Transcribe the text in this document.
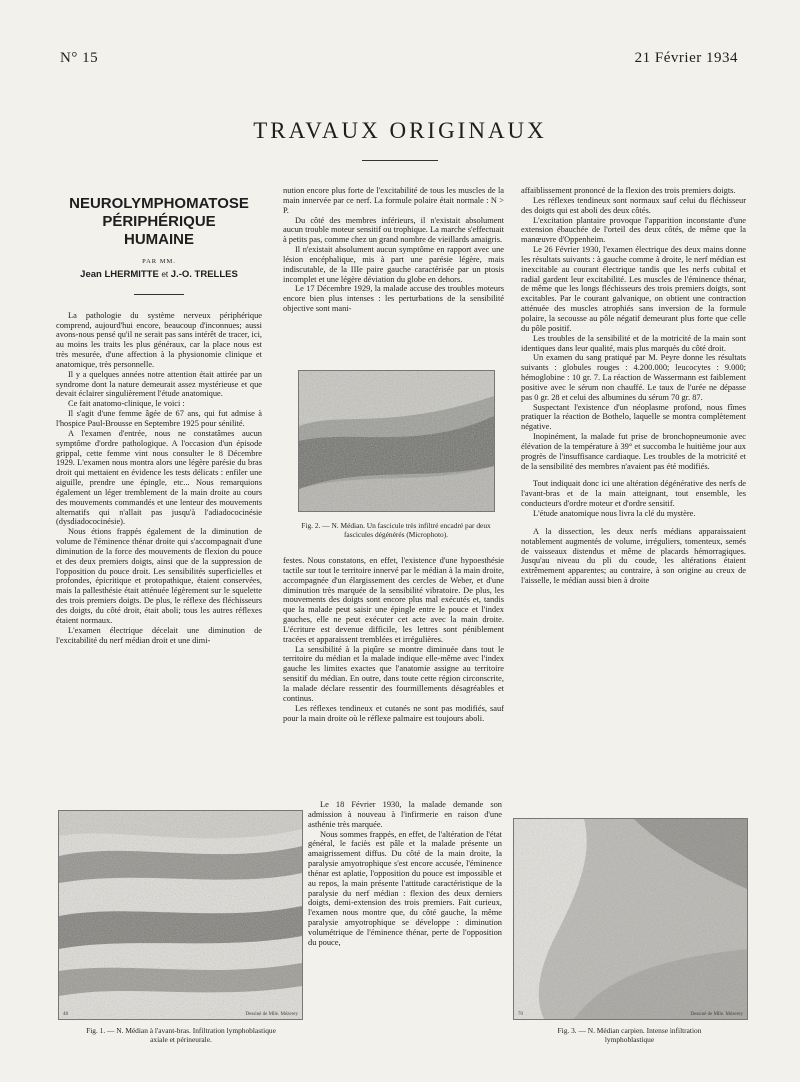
N° 15	21 Février 1934
TRAVAUX ORIGINAUX
NEUROLYMPHOMATOSE
PÉRIPHÉRIQUE
HUMAINE
PAR MM.
Jean LHERMITTE et J.-O. TRELLES

La pathologie du système nerveux périphérique comprend, aujourd'hui encore, beaucoup d'inconnues; aussi avons-nous pensé qu'il ne serait pas sans intérêt de tracer, ici, au moins les traits les plus généraux, car la place nous est très mesurée, d'une affection à la physionomie clinique et anatomique, très personnelle.

Il y a quelques années notre attention était attirée par un syndrome dont la nature demeurait assez mystérieuse et que devait éclairer singulièrement l'étude anatomique.

Ce fait anatomo-clinique, le voici :

Il s'agit d'une femme âgée de 67 ans, qui fut admise à l'hospice Paul-Brousse en Septembre 1925 pour sénilité.

A l'examen d'entrée, nous ne constatâmes aucun symptôme d'ordre pathologique. A l'occasion d'un épisode grippal, cette femme vint nous consulter le 8 Décembre 1929. L'examen nous montra alors une légère parésie du bras droit qui mettaient en évidence les tests délicats : enfiler une aiguille, prendre une épingle, etc... Nous remarquions également un léger tremblement de la main droite au cours des mouvements commandés et une lenteur des mouvements alternatifs qui n'allait pas jusqu'à l'adiadococinésie (dysdiadococinésie).

Nous étions frappés également de la diminution de volume de l'éminence thénar droite qui s'accompagnait d'une diminution de la force des mouvements de flexion du pouce et des deux premiers doigts, ainsi que de la suppression de l'opposition du pouce droit. Les sensibilités superficielles et profondes, épicritique et protopathique, étaient conservées, mais la pallesthésie était atténuée légèrement sur le squelette des trois premiers doigts. De plus, le réflexe des fléchisseurs des doigts, du côté droit, était aboli; tous les autres réflexes étaient normaux.

L'examen électrique décelait une diminution de l'excitabilité du nerf médian droit et une dimi-

nution encore plus forte de l'excitabilité de tous les muscles de la main innervée par ce nerf. La formule polaire était normale : N > P.

Du côté des membres inférieurs, il n'existait absolument aucun trouble moteur sensitif ou trophique. La marche s'effectuait à petits pas, comme chez un grand nombre de vieillards amaigris.

Il n'existait absolument aucun symptôme en rapport avec une lésion encéphalique, mis à part une parésie légère, mais indiscutable, de la IIIe paire gauche caractérisée par un ptosis incomplet et une légère déviation du globe en dehors.

Le 17 Décembre 1929, la malade accuse des troubles moteurs encore bien plus intenses : les perturbations de la sensibilité objective sont mani-

Fig. 2. — N. Médian. Un fascicule très infiltré encadré par deux fascicules dégénérés (Microphoto).

festes. Nous constatons, en effet, l'existence d'une hypoesthésie tactile sur tout le territoire innervé par le médian à la main droite, accompagnée d'un élargissement des cercles de Weber, et d'une diminution très marquée de la sensibilité vibratoire. De plus, les mouvements des doigts sont encore plus mal exécutés et, tandis que la malade peut saisir une épingle entre le pouce et l'index gauches, elle ne peut exécuter cet acte avec la main droite. L'écriture est devenue difficile, les lettres sont péniblement tracées et apparaissent tremblées et irrégulières.

La sensibilité à la piqûre se montre diminuée dans tout le territoire du médian et la malade indique elle-même avec l'index gauche les limites exactes que l'anatomie assigne au territoire sensitif du médian. En outre, dans toute cette région circonscrite, la malade déclare ressentir des fourmillements désagréables et continus.

Les réflexes tendineux et cutanés ne sont pas modifiés, sauf pour la main droite où le réflexe palmaire est toujours aboli.

Le 18 Février 1930, la malade demande son admission à nouveau à l'infirmerie en raison d'une asthénie très marquée.

Nous sommes frappés, en effet, de l'altération de l'état général, le faciès est pâle et la malade présente un amaigrissement diffus. Du côté de la main droite, la paralysie amyotrophique s'est encore accusée, l'éminence thénar est aplatie, l'opposition du pouce est impossible et au repos, la main présente l'attitude caractéristique de la paralysie du nerf médian : flexion des deux derniers doigts, demi-extension des trois premiers. Fait curieux, l'examen nous montre que, du côté gauche, la même paralysie amyotrophique se développe : diminution volumétrique de l'éminence thénar, perte de l'opposition du pouce,

affaiblissement prononcé de la flexion des trois premiers doigts.

Les réflexes tendineux sont normaux sauf celui du fléchisseur des doigts qui est aboli des deux côtés.

L'excitation plantaire provoque l'apparition inconstante d'une extension ébauchée de l'orteil des deux côtés, de même que la manœuvre d'Oppenheim.

Le 26 Février 1930, l'examen électrique des deux mains donne les résultats suivants : à gauche comme à droite, le nerf médian est inexcitable au courant électrique tandis que les nerfs cubital et radial gardent leur excitabilité. Les muscles de l'éminence thénar, de même que les longs fléchisseurs des trois premiers doigts, sont excitables. Par le courant galvanique, on obtient une contraction atténuée des muscles atrophiés sans inversion de la formule polaire, la secousse au pôle négatif demeurant plus forte que celle du pôle positif.

Les troubles de la sensibilité et de la motricité de la main sont identiques dans leur qualité, mais plus marqués du côté droit.

Un examen du sang pratiqué par M. Peyre donne les résultats suivants : globules rouges : 4.200.000; leucocytes : 9.000; hémoglobine : 10 gr. 7. La réaction de Wassermann est faiblement positive avec le sérum non chauffé. Le taux de l'urée ne dépasse pas 0 gr. 28 et celui des albumines du sérum 70 gr. 87.

Suspectant l'existence d'un néoplasme profond, nous fîmes pratiquer la réaction de Bothelo, laquelle se montra complètement négative.

Inopinément, la malade fut prise de bronchopneumonie avec élévation de la température à 39° et succomba le huitième jour aux progrès de l'insuffisance cardiaque. Les troubles de la motricité et de la sensibilité des membres n'avaient pas été modifiés.

Tout indiquait donc ici une altération dégénérative des nerfs de l'avant-bras et de la main atteignant, tout ensemble, les conducteurs d'ordre moteur et d'ordre sensitif.

L'étude anatomique nous livra la clé du mystère.

A la dissection, les deux nerfs médians apparaissaient notablement augmentés de volume, irréguliers, tomenteux, semés de vaisseaux distendus et même de placards hémorragiques. Jusqu'au niveau du pli du coude, les altérations étaient extrêmement apparentes; au contraire, à son origine au creux de l'aisselle, le médian aussi bien à droite

48	Dessiné de Mlle. Mézerey
Fig. 1. — N. Médian à l'avant-bras. Infiltration lymphoblastique
axiale et périneurale.
70	Dessiné de Mlle. Mézerey
Fig. 3. — N. Médian carpien. Intense infiltration
lymphoblastique
